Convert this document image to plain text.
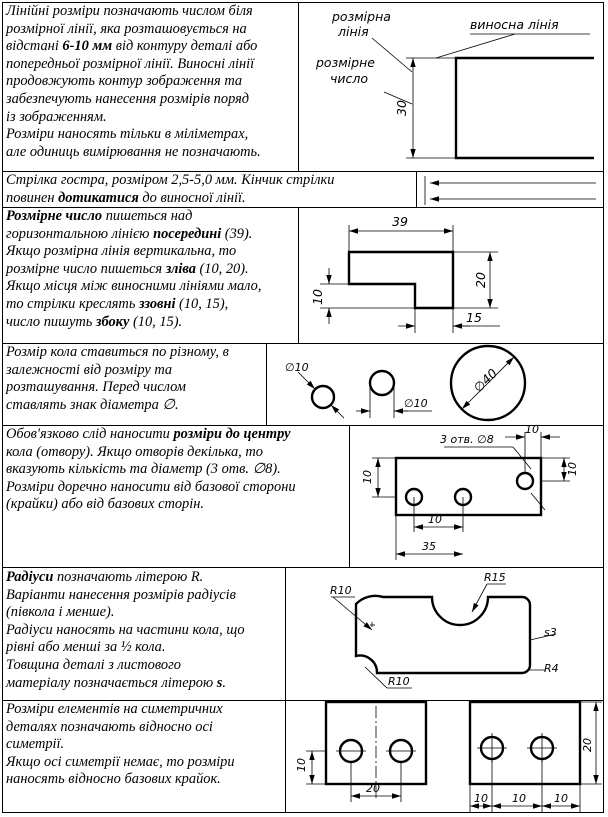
Лінійні розміри позначають числом біля

розмірної лінії, яка розташовується на

відстані 6-10 мм від контуру деталі або

попередньої розмірної лінії. Виносні лінії

продовжують контур зображення та

забезпечують нанесення розмірів поряд

із зображенням.

Розміри наносять тільки в міліметрах,

але одиниць вимірювання не позначають.

Стрілка гостра, розміром 2,5-5,0 мм. Кінчик стрілки

повинен дотикатися до виносної лінії.

Розмірне число пишеться над

горизонтальною лінією посередині (39).

Якщо розмірна лінія вертикальна, то

розмірне число пишеться зліва (10, 20).

Якщо місця між виносними лініями мало,

то стрілки креслять ззовні (10, 15),

число пишуть збоку (10, 15).

Розмір кола ставиться по різному, в

залежності від розміру та

розташування. Перед числом

ставлять знак діаметра ∅.

Обов'язково слід наносити розміри до центру

кола (отвору). Якщо отворів декілька, то

вказують кількість та діаметр (3 отв. ∅8).

Розміри доречно наносити від базової сторони

(крайки) або від базових сторін.

Радіуси позначають літерою R.

Варіанти нанесення розмірів радіусів

(півкола і менше).

Радіуси наносять на частини кола, що

рівні або менші за ½ кола.

Товщина деталі з листового

матеріалу позначається літерою s.

Розміри елементів на симетричних

деталях позначають відносно осі

симетрії.

Якщо осі симетрії немає, то розміри

наносять відносно базових крайок.

розмірна
лінія	виносна лінія
розмірне
число
30
39
20
10
15
∅10
∅10
∅40
3 отв. ∅8
10
10
10
10
35
R10
R15
s3
R4
R10
10
20
20
10 10	10
